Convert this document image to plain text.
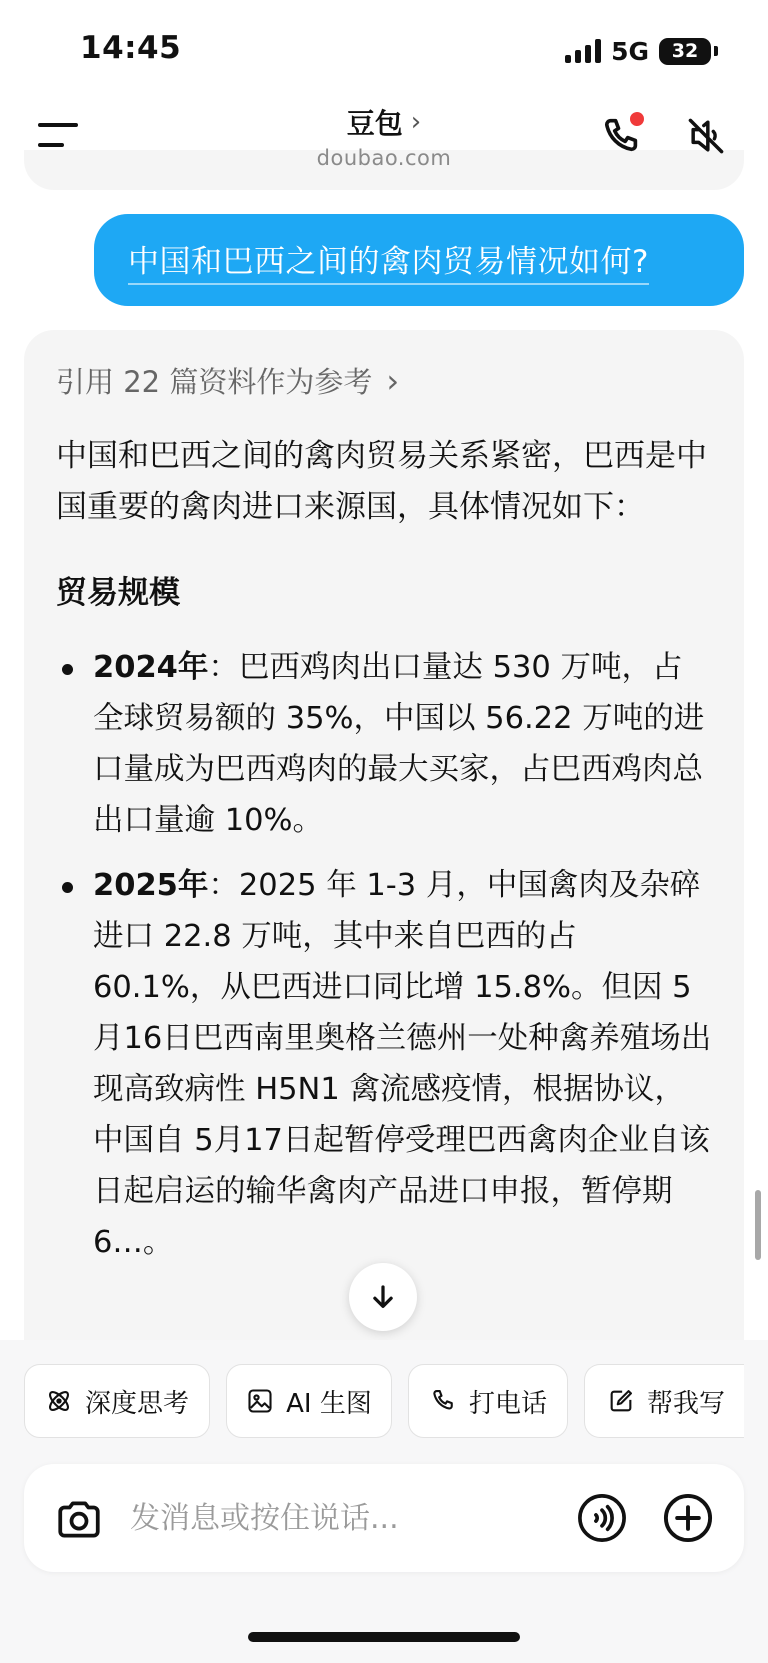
14:45	5G	32
豆包 ›
doubao.com
中国和巴西之间的禽肉贸易情况如何?
引用 22 篇资料作为参考 ›
中国和巴西之间的禽肉贸易关系紧密，巴西是中国重要的禽肉进口来源国，具体情况如下：
贸易规模
2024年：巴西鸡肉出口量达 530 万吨，占全球贸易额的 35%，中国以 56.22 万吨的进口量成为巴西鸡肉的最大买家，占巴西鸡肉总出口量逾 10%。
2025年：2025 年 1-3 月，中国禽肉及杂碎进口 22.8 万吨，其中来自巴西的占 60.1%，从巴西进口同比增 15.8%。但因 5月16日巴西南里奥格兰德州一处种禽养殖场出现高致病性 H5N1 禽流感疫情，根据协议，中国自 5月17日起暂停受理巴西禽肉企业自该日起启运的输华禽肉产品进口申报，暂停期 6…。
深度思考	AI 生图	打电话	帮我写
发消息或按住说话...
